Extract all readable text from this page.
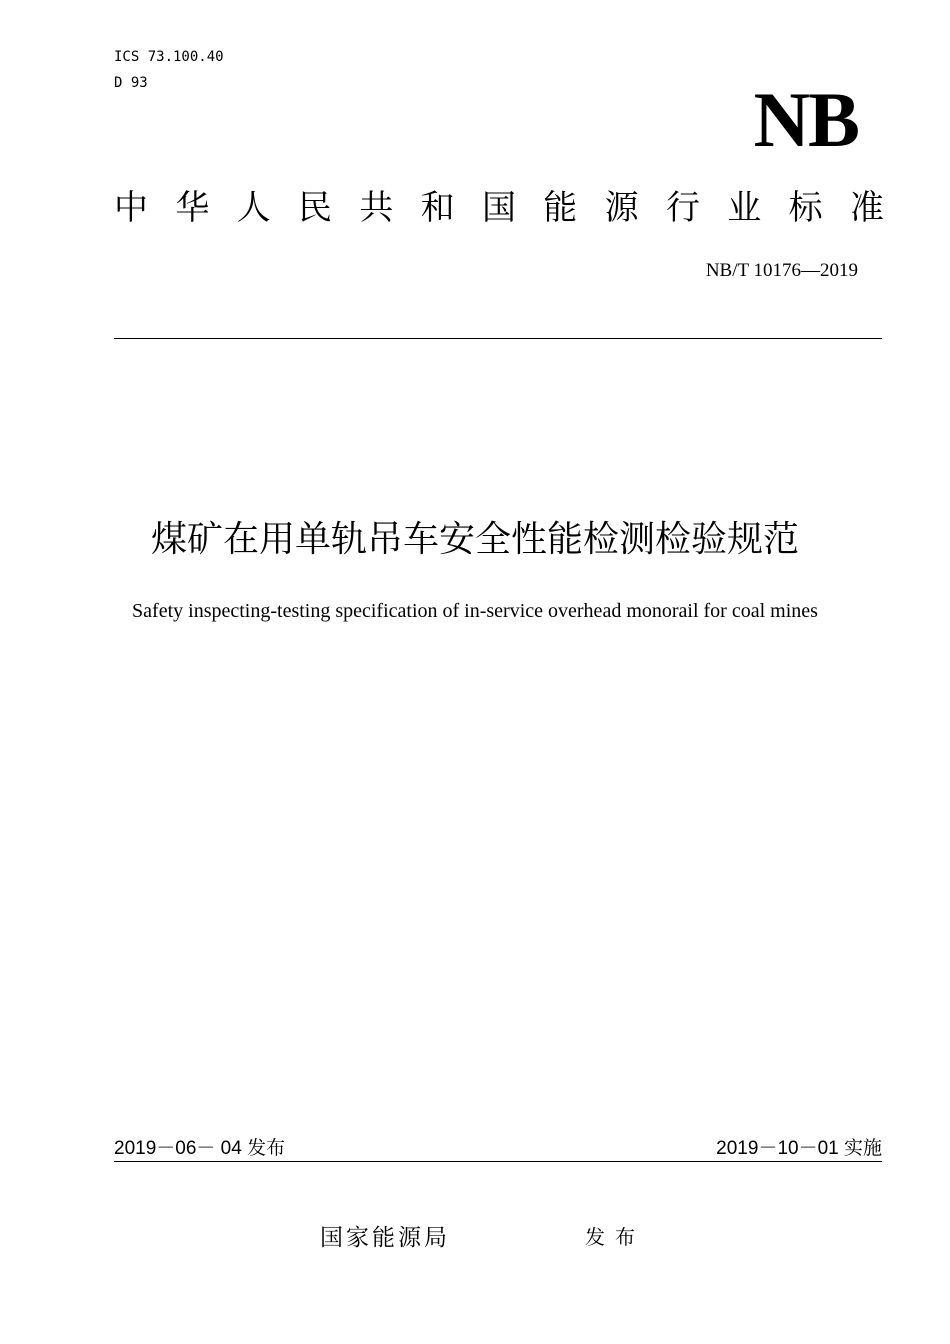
ICS 73.100.40
D 93	NB
中 华 人 民 共 和 国 能 源 行 业 标 准
NB/T 10176—2019
煤矿在用单轨吊车安全性能检测检验规范
Safety inspecting-testing specification of in-service overhead monorail for coal mines
2019－06－ 04 发布	2019－10－01 实施
国家能源局	发布
